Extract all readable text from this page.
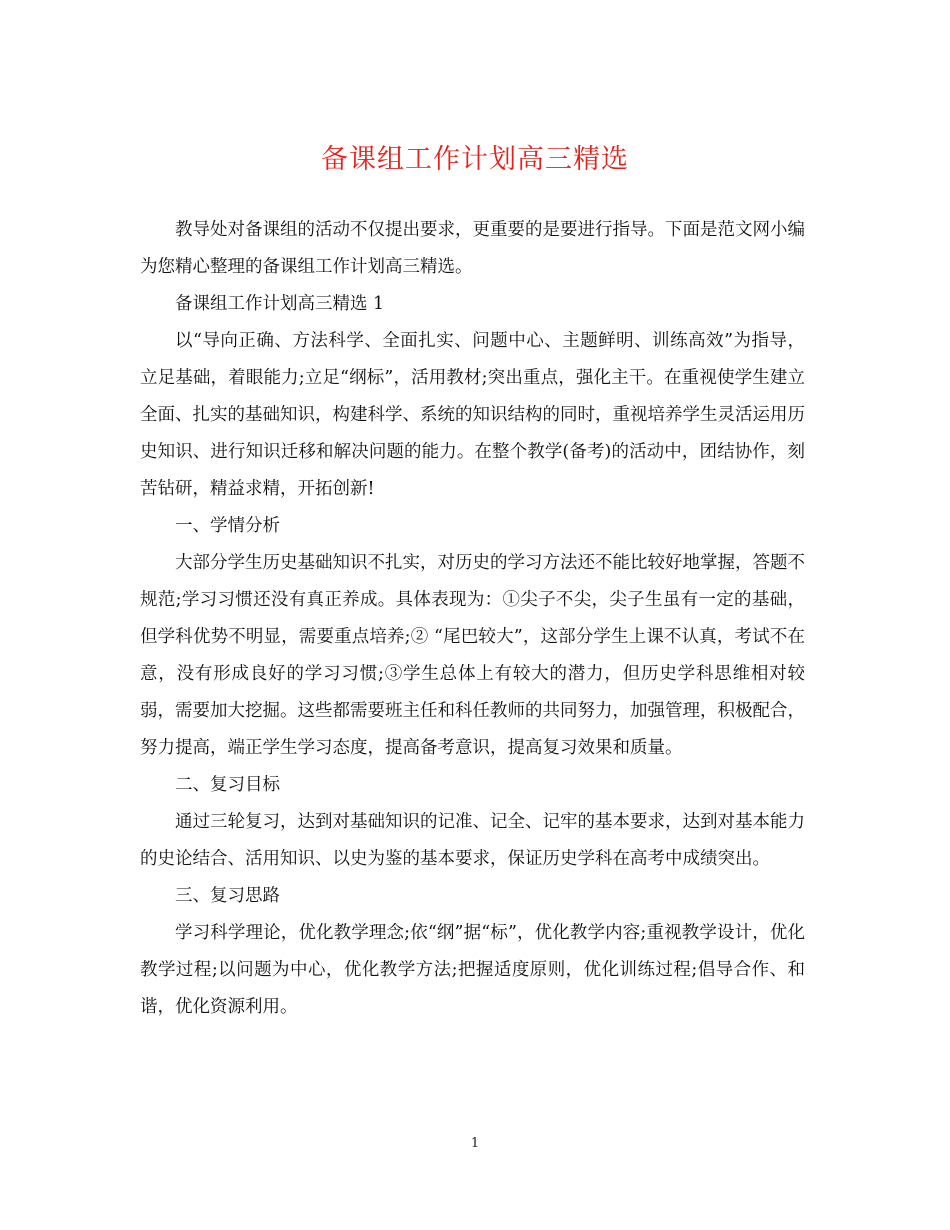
备课组工作计划高三精选

教导处对备课组的活动不仅提出要求，更重要的是要进行指导。下面是范文网小编为您精心整理的备课组工作计划高三精选。

备课组工作计划高三精选 1

以“导向正确、方法科学、全面扎实、问题中心、主题鲜明、训练高效”为指导，立足基础，着眼能力;立足“纲标”，活用教材;突出重点，强化主干。在重视使学生建立全面、扎实的基础知识，构建科学、系统的知识结构的同时，重视培养学生灵活运用历史知识、进行知识迁移和解决问题的能力。在整个教学(备考)的活动中，团结协作，刻苦钻研，精益求精，开拓创新!

一、学情分析

大部分学生历史基础知识不扎实，对历史的学习方法还不能比较好地掌握，答题不规范;学习习惯还没有真正养成。具体表现为：①尖子不尖，尖子生虽有一定的基础，但学科优势不明显，需要重点培养;② “尾巴较大”，这部分学生上课不认真，考试不在意，没有形成良好的学习习惯;③学生总体上有较大的潜力，但历史学科思维相对较弱，需要加大挖掘。这些都需要班主任和科任教师的共同努力，加强管理，积极配合，努力提高，端正学生学习态度，提高备考意识，提高复习效果和质量。

二、复习目标

通过三轮复习，达到对基础知识的记准、记全、记牢的基本要求，达到对基本能力的史论结合、活用知识、以史为鉴的基本要求，保证历史学科在高考中成绩突出。

三、复习思路

学习科学理论，优化教学理念;依“纲”据“标”，优化教学内容;重视教学设计，优化教学过程;以问题为中心，优化教学方法;把握适度原则，优化训练过程;倡导合作、和谐，优化资源利用。

1
